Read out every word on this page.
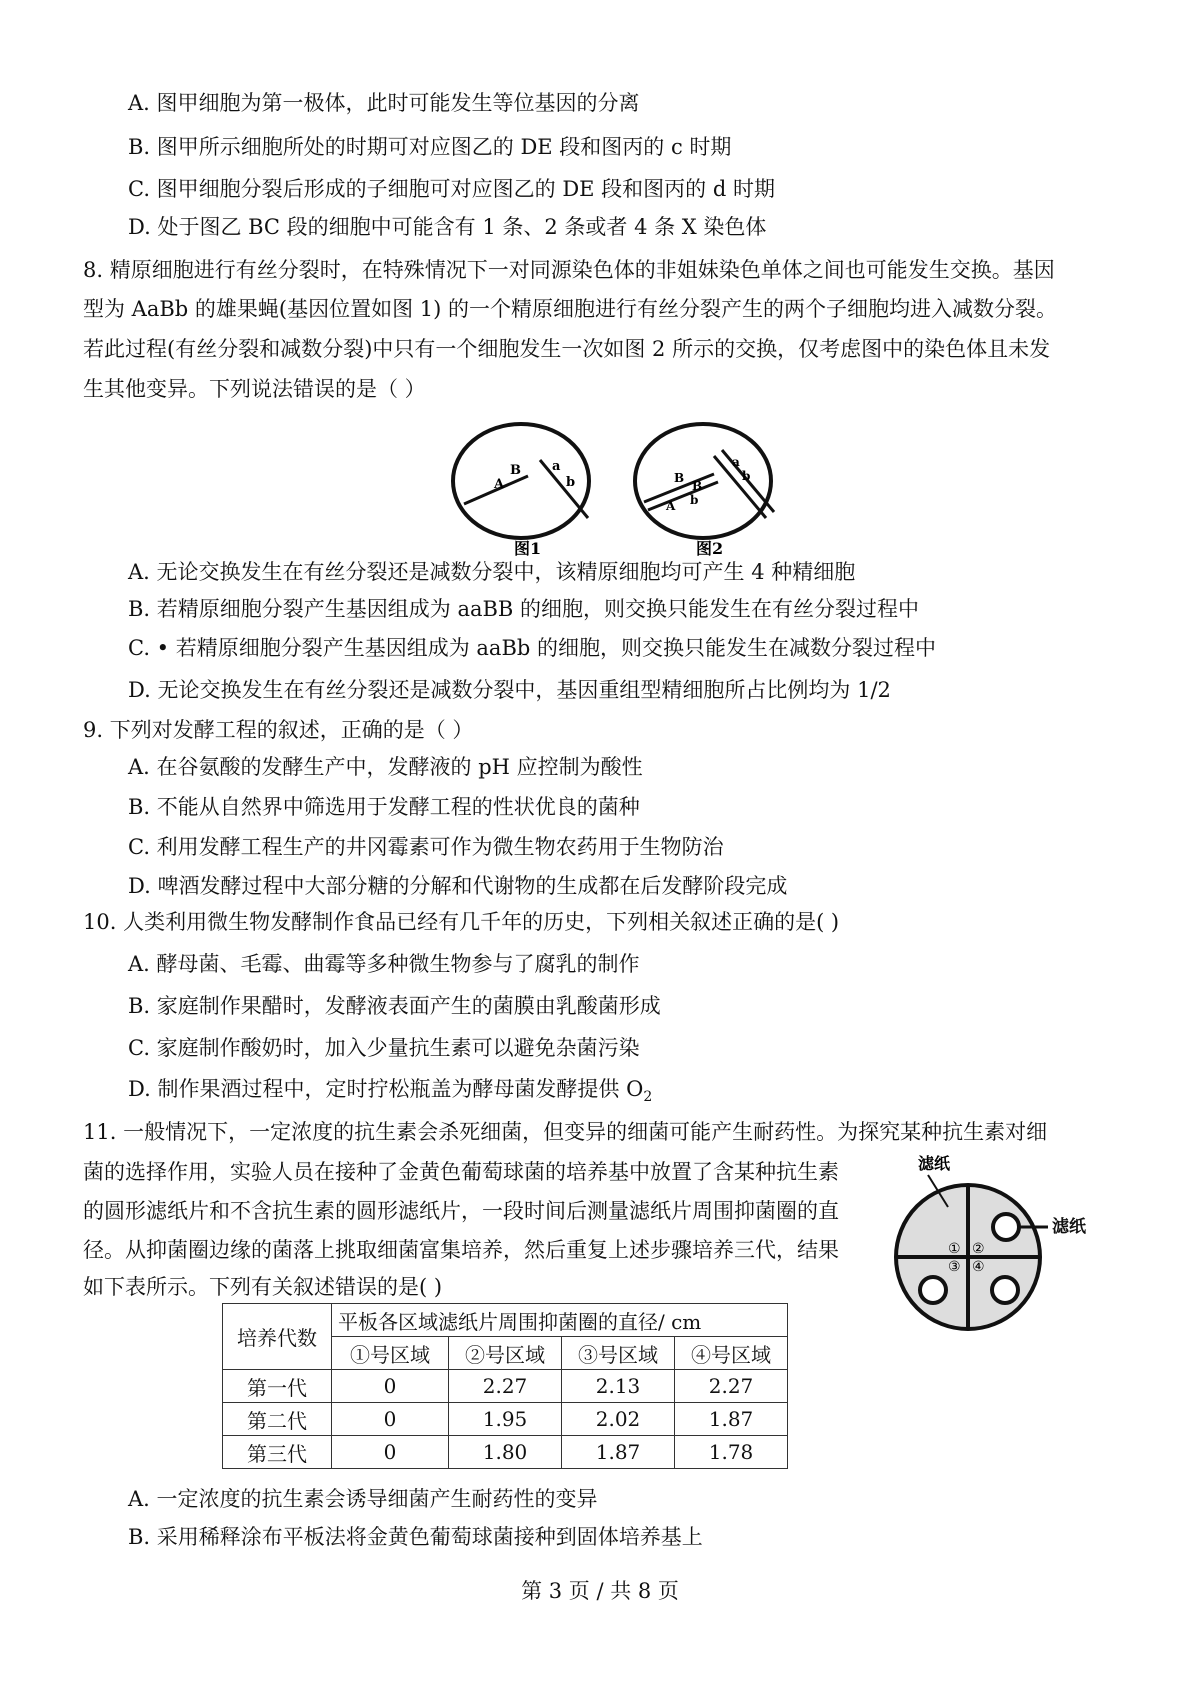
A. 图甲细胞为第一极体，此时可能发生等位基因的分离
B. 图甲所示细胞所处的时期可对应图乙的 DE 段和图丙的 c 时期
C. 图甲细胞分裂后形成的子细胞可对应图乙的 DE 段和图丙的 d 时期
D. 处于图乙 BC 段的细胞中可能含有 1 条、2 条或者 4 条 X 染色体
8. 精原细胞进行有丝分裂时，在特殊情况下一对同源染色体的非姐妹染色单体之间也可能发生交换。基因
型为 AaBb 的雄果蝇(基因位置如图 1) 的一个精原细胞进行有丝分裂产生的两个子细胞均进入减数分裂。
若此过程(有丝分裂和减数分裂)中只有一个细胞发生一次如图 2 所示的交换，仅考虑图中的染色体且未发
生其他变异。下列说法错误的是（ ）
A
B a
b
图1
A
B
B
b
a
b
图2
A. 无论交换发生在有丝分裂还是减数分裂中，该精原细胞均可产生 4 种精细胞
B. 若精原细胞分裂产生基因组成为 aaBB 的细胞，则交换只能发生在有丝分裂过程中
C. • 若精原细胞分裂产生基因组成为 aaBb 的细胞，则交换只能发生在减数分裂过程中
D. 无论交换发生在有丝分裂还是减数分裂中，基因重组型精细胞所占比例均为 1/2
9. 下列对发酵工程的叙述，正确的是（ ）
A. 在谷氨酸的发酵生产中，发酵液的 pH 应控制为酸性
B. 不能从自然界中筛选用于发酵工程的性状优良的菌种
C. 利用发酵工程生产的井冈霉素可作为微生物农药用于生物防治
D. 啤酒发酵过程中大部分糖的分解和代谢物的生成都在后发酵阶段完成
10. 人类利用微生物发酵制作食品已经有几千年的历史，下列相关叙述正确的是( )
A. 酵母菌、毛霉、曲霉等多种微生物参与了腐乳的制作
B. 家庭制作果醋时，发酵液表面产生的菌膜由乳酸菌形成
C. 家庭制作酸奶时，加入少量抗生素可以避免杂菌污染
D. 制作果酒过程中，定时拧松瓶盖为酵母菌发酵提供 $O_2$
11. 一般情况下，一定浓度的抗生素会杀死细菌，但变异的细菌可能产生耐药性。为探究某种抗生素对细
菌的选择作用，实验人员在接种了金黄色葡萄球菌的培养基中放置了含某种抗生素
的圆形滤纸片和不含抗生素的圆形滤纸片，一段时间后测量滤纸片周围抑菌圈的直
径。从抑菌圈边缘的菌落上挑取细菌富集培养，然后重复上述步骤培养三代，结果
如下表所示。下列有关叙述错误的是( )
滤纸
① ②
③ ④
滤纸
培养代数	平板各区域滤纸片周围抑菌圈的直径/ cm			
	①号区域	②号区域	③号区域	④号区域
第一代	0	2.27	2.13	2.27
第二代	0	1.95	2.02	1.87
第三代	0	1.80	1.87	1.78
A. 一定浓度的抗生素会诱导细菌产生耐药性的变异
B. 采用稀释涂布平板法将金黄色葡萄球菌接种到固体培养基上
第 3 页 / 共 8 页
